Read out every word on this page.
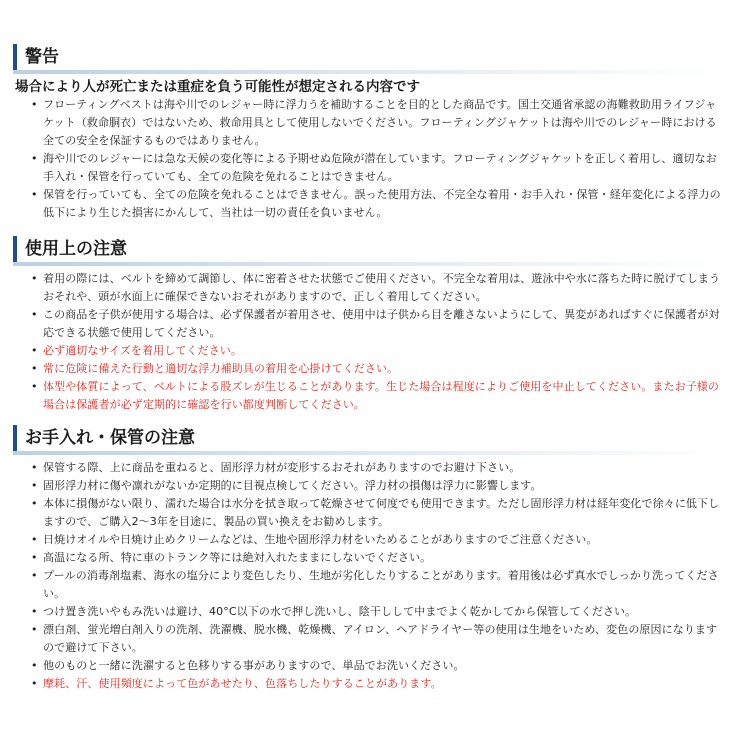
警告
場合により人が死亡または重症を負う可能性が想定される内容です
• フローティングベストは海や川でのレジャー時に浮力うを補助することを目的とした商品です。国土交通省承認の海難救助用ライフジャケット（救命胴衣）ではないため、救命用具として使用しないでください。フローティングジャケットは海や川でのレジャー時における全ての安全を保証するものではありません。
• 海や川でのレジャーには急な天候の変化等による予期せぬ危険が潜在しています。フローティングジャケットを正しく着用し、適切なお手入れ・保管を行っていても、全ての危険を免れることはできません。
• 保管を行っていても、全ての危険を免れることはできません。誤った使用方法、不完全な着用・お手入れ・保管・経年変化による浮力の低下により生じた損害にかんして、当社は一切の責任を負いません。
使用上の注意
• 着用の際には、ベルトを締めて調節し、体に密着させた状態でご使用ください。不完全な着用は、遊泳中や水に落ちた時に脱げてしまうおそれや、頭が水面上に確保できないおそれがありますので、正しく着用してください。
• この商品を子供が使用する場合は、必ず保護者が着用させ、使用中は子供から目を離さないようにして、異変があればすぐに保護者が対応できる状態で使用してください。
• 必ず適切なサイズを着用してください。
• 常に危険に備えた行動と適切な浮力補助具の着用を心掛けてください。
• 体型や体質によって、ベルトによる股ズレが生じることがあります。生じた場合は程度によりご使用を中止してください。またお子様の場合は保護者が必ず定期的に確認を行い都度判断してください。
お手入れ・保管の注意
• 保管する際、上に商品を重ねると、固形浮力材が変形するおそれがありますのでお避け下さい。
• 固形浮力材に傷や凛れがないか定期的に目視点検してください。浮力材の損傷は浮力に影響します。
• 本体に損傷がない限り、濡れた場合は水分を拭き取って乾燥させて何度でも使用できます。ただし固形浮力材は経年変化で徐々に低下しますので、ご購入2～3年を目途に、製品の買い換えをお勧めします。
• 日焼けオイルや日焼け止めクリームなどは、生地や固形浮力材をいためることがありますのでご注意ください。
• 高温になる所、特に車のトランク等には絶対入れたままにしないでください。
• プールの消毒剤塩素、海水の塩分により変色したり、生地が劣化したりすることがあります。着用後は必ず真水でしっかり洗ってください。
• つけ置き洗いやもみ洗いは避け、40°C以下の水で押し洗いし、陰干しして中までよく乾かしてから保管してください。
• 漂白剤、蛍光増白剤入りの洗剤、洗濯機、脱水機、乾燥機、アイロン、ヘアドライヤー等の使用は生地をいため、変色の原因になりますので避けて下さい。
• 他のものと一緒に洗濯すると色移りする事がありますので、単品でお洗いください。
• 摩耗、汗、使用頻度によって色があせたり、色落ちしたりすることがあります。
